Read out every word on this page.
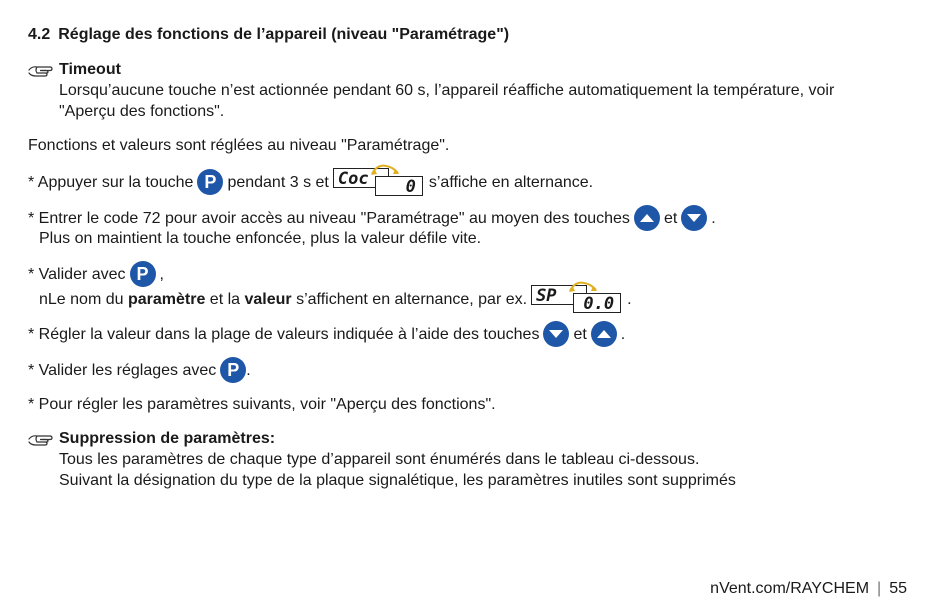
4.2 Réglage des fonctions de l’appareil (niveau "Paramétrage")
Timeout
Lorsqu’aucune touche n’est actionnée pendant 60 s, l’appareil réaffiche automatiquement la température, voir
"Aperçu des fonctions".
Fonctions et valeurs sont réglées au niveau "Paramétrage".
* Appuyer sur la touche P pendant 3 s et Coc	0 s’affiche en alternance.
* Entrer le code 72 pour avoir accès au niveau "Paramétrage" au moyen des touches et .
Plus on maintient la touche enfoncée, plus la valeur défile vite.
* Valider avec P ,
nLe nom du
paramètre
et la
valeur
s’affichent en alternance, par ex. SP	0.0 .
* Régler la valeur dans la plage de valeurs indiquée à l’aide des touches et .
* Valider les réglages avec P .
* Pour régler les paramètres suivants, voir "Aperçu des fonctions".
Suppression de paramètres:
Tous les paramètres de chaque type d’appareil sont énumérés dans le tableau ci-dessous.
Suivant la désignation du type de la plaque signalétique, les paramètres inutiles sont supprimés
nVent.com/RAYCHEM | 55
